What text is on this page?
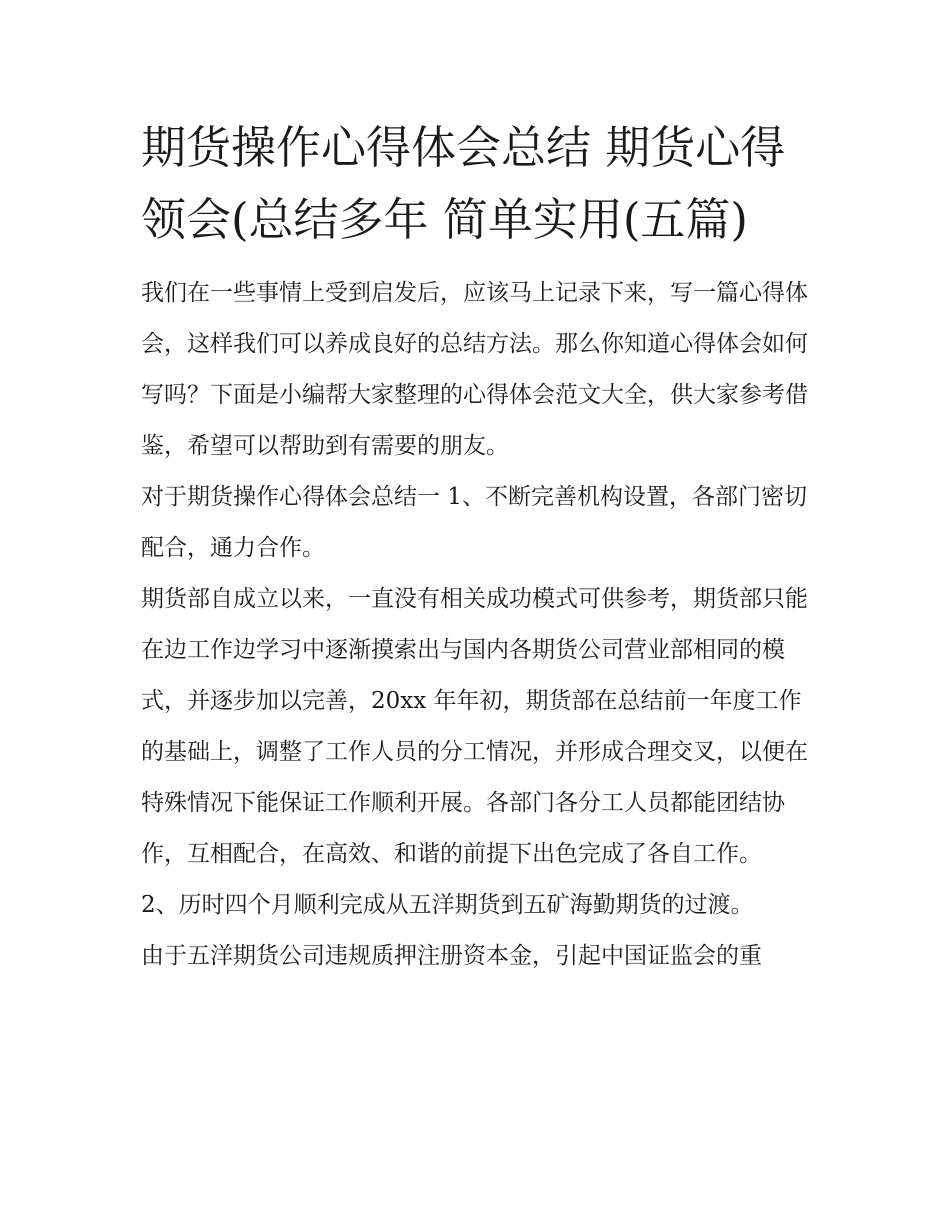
期货操作心得体会总结 期货心得领会(总结多年 简单实用(五篇)

我们在一些事情上受到启发后，应该马上记录下来，写一篇心得体会，这样我们可以养成良好的总结方法。那么你知道心得体会如何写吗？下面是小编帮大家整理的心得体会范文大全，供大家参考借鉴，希望可以帮助到有需要的朋友。

对于期货操作心得体会总结一 1、不断完善机构设置，各部门密切配合，通力合作。

期货部自成立以来，一直没有相关成功模式可供参考，期货部只能在边工作边学习中逐渐摸索出与国内各期货公司营业部相同的模式，并逐步加以完善，20xx 年年初，期货部在总结前一年度工作的基础上，调整了工作人员的分工情况，并形成合理交叉，以便在特殊情况下能保证工作顺利开展。各部门各分工人员都能团结协作，互相配合，在高效、和谐的前提下出色完成了各自工作。

2、历时四个月顺利完成从五洋期货到五矿海勤期货的过渡。

由于五洋期货公司违规质押注册资本金，引起中国证监会的重
